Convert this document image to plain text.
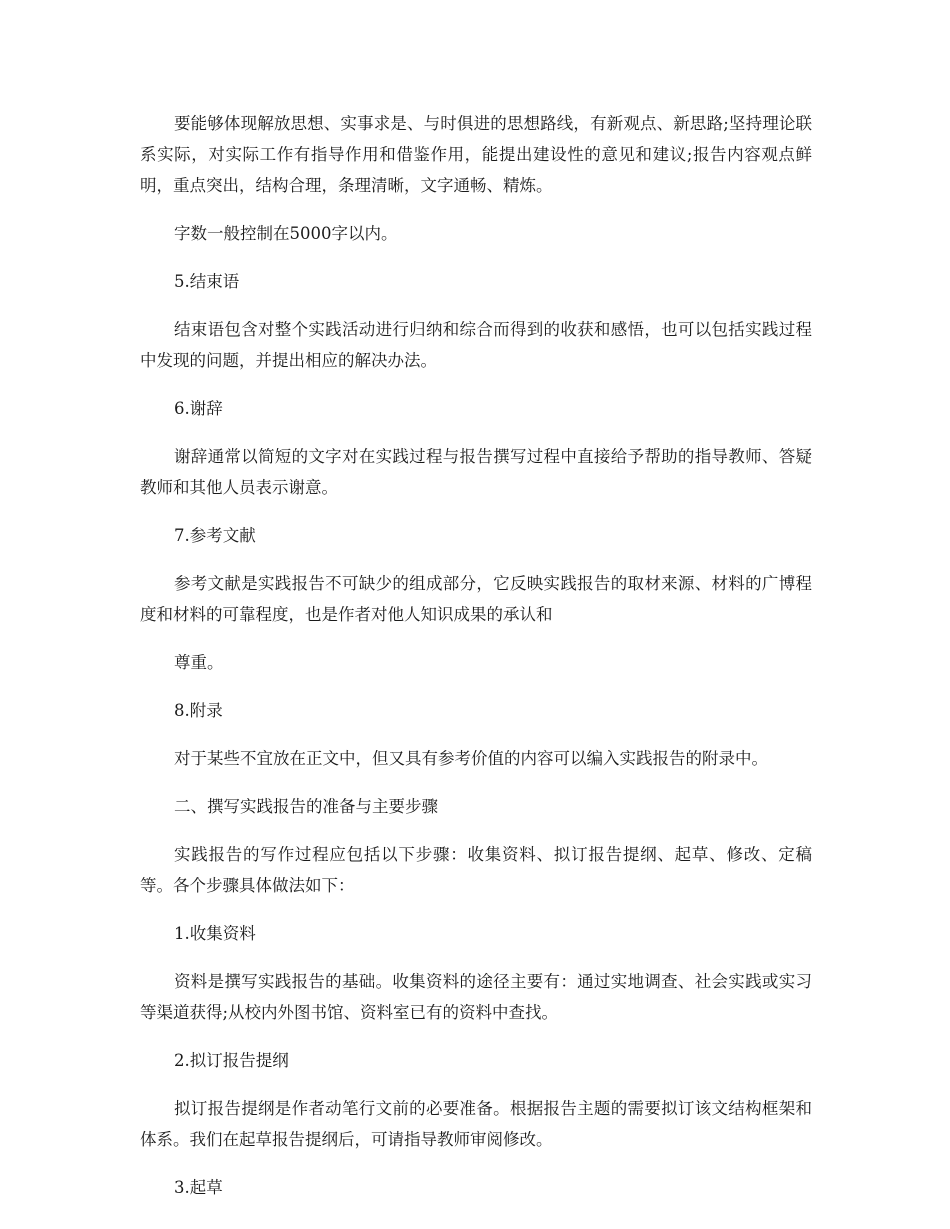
要能够体现解放思想、实事求是、与时俱进的思想路线，有新观点、新思路;坚持理论联系实际，对实际工作有指导作用和借鉴作用，能提出建设性的意见和建议;报告内容观点鲜明，重点突出，结构合理，条理清晰，文字通畅、精炼。

字数一般控制在5000字以内。

5.结束语

结束语包含对整个实践活动进行归纳和综合而得到的收获和感悟，也可以包括实践过程中发现的问题，并提出相应的解决办法。

6.谢辞

谢辞通常以简短的文字对在实践过程与报告撰写过程中直接给予帮助的指导教师、答疑教师和其他人员表示谢意。

7.参考文献

参考文献是实践报告不可缺少的组成部分，它反映实践报告的取材来源、材料的广博程度和材料的可靠程度，也是作者对他人知识成果的承认和

尊重。

8.附录

对于某些不宜放在正文中，但又具有参考价值的内容可以编入实践报告的附录中。

二、撰写实践报告的准备与主要步骤

实践报告的写作过程应包括以下步骤：收集资料、拟订报告提纲、起草、修改、定稿等。各个步骤具体做法如下：

1.收集资料

资料是撰写实践报告的基础。收集资料的途径主要有：通过实地调查、社会实践或实习等渠道获得;从校内外图书馆、资料室已有的资料中查找。

2.拟订报告提纲

拟订报告提纲是作者动笔行文前的必要准备。根据报告主题的需要拟订该文结构框架和体系。我们在起草报告提纲后，可请指导教师审阅修改。

3.起草
